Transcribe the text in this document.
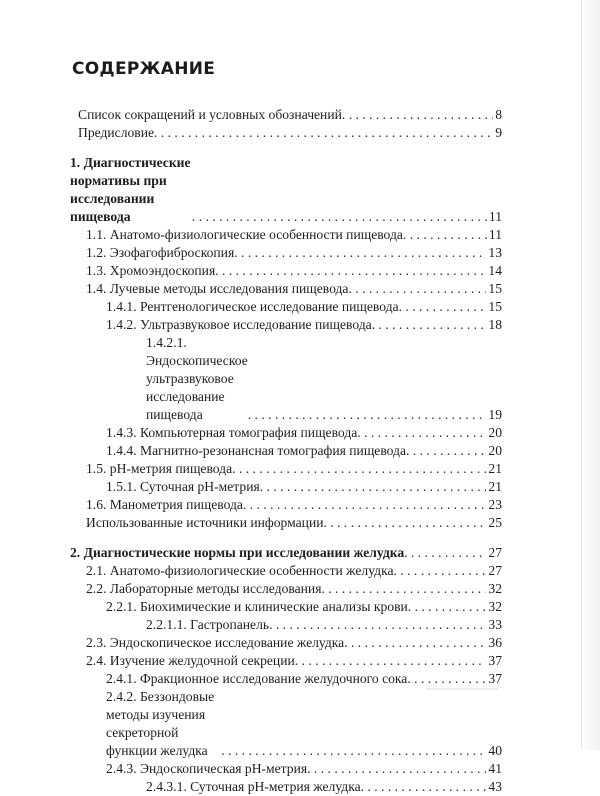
СОДЕРЖАНИЕ
Список сокращений и условных обозначений . . .	8
Предисловие . . .	9
1. Диагностические нормативы при исследовании пищевода . . .	11
1.1. Анатомо-физиологические особенности пищевода . . .	11
1.2. Эзофагофиброскопия . . .	13
1.3. Хромоэндоскопия . . .	14
1.4. Лучевые методы исследования пищевода . . .	15
1.4.1. Рентгенологическое исследование пищевода . . .	15
1.4.2. Ультразвуковое исследование пищевода . . .	18
1.4.2.1. Эндоскопическое ультразвуковое исследование пищевода . . .	19
1.4.3. Компьютерная томография пищевода . . .	20
1.4.4. Магнитно-резонансная томография пищевода . . .	20
1.5. pH-метрия пищевода . . .	21
1.5.1. Суточная pH-метрия . . .	21
1.6. Манометрия пищевода . . .	23
Использованные источники информации . . .	25
2. Диагностические нормы при исследовании желудка . . .	27
2.1. Анатомо-физиологические особенности желудка . . .	27
2.2. Лабораторные методы исследования . . .	32
2.2.1. Биохимические и клинические анализы крови . . .	32
2.2.1.1. Гастропанель . . .	33
2.3. Эндоскопическое исследование желудка . . .	36
2.4. Изучение желудочной секреции . . .	37
2.4.1. Фракционное исследование желудочного сока . . .	37
2.4.2. Беззондовые методы изучения секреторной функции желудка . . .	40
2.4.3. Эндоскопическая pH-метрия . . .	41
2.4.3.1. Суточная pH-метрия желудка . . .	43
